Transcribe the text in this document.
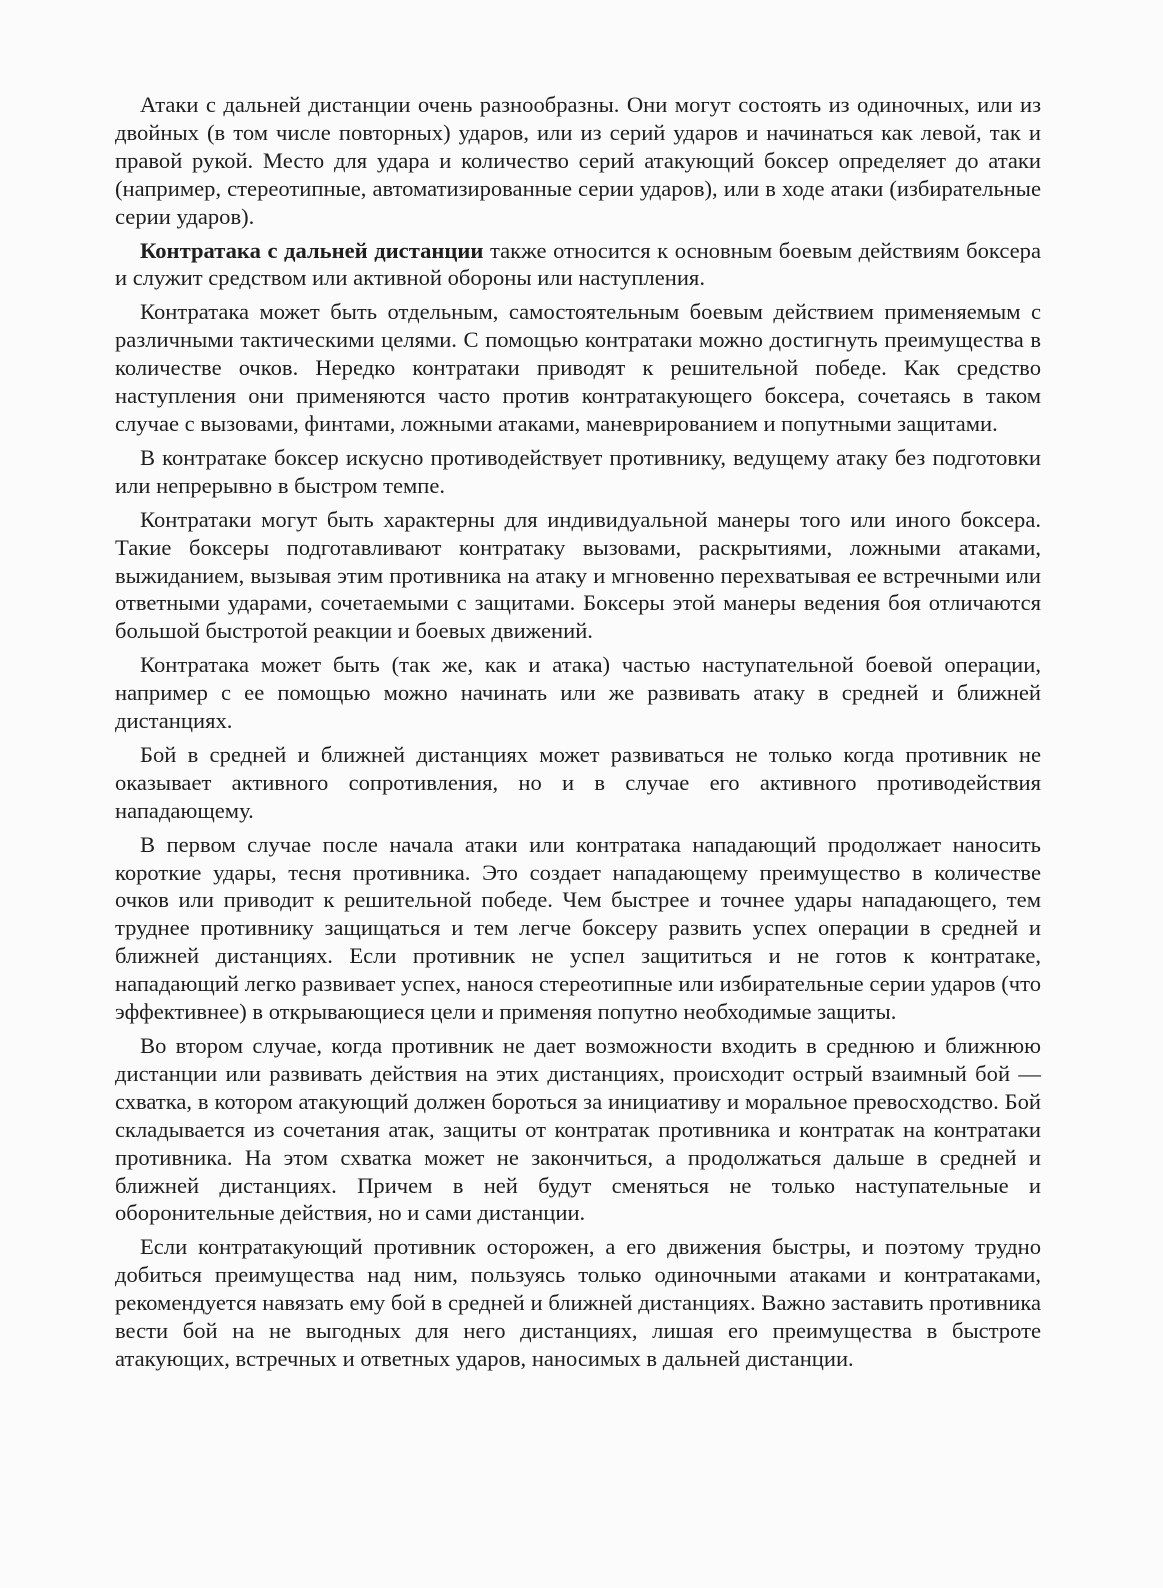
Атаки с дальней дистанции очень разнообразны. Они могут состоять из одиночных, или из двойных (в том числе повторных) ударов, или из серий ударов и начинаться как левой, так и правой рукой. Место для удара и количество серий атакующий боксер определяет до атаки (например, стереотипные, автоматизированные серии ударов), или в ходе атаки (избирательные серии ударов).

Контратака с дальней дистанции также относится к основным боевым действиям боксера и служит средством или активной обороны или наступления.

Контратака может быть отдельным, самостоятельным боевым действием применяемым с различными тактическими целями. С помощью контратаки можно достигнуть преимущества в количестве очков. Нередко контратаки приводят к решительной победе. Как средство наступления они применяются часто против контратакующего боксера, сочетаясь в таком случае с вызовами, финтами, ложными атаками, маневрированием и попутными защитами.

В контратаке боксер искусно противодействует противнику, ведущему атаку без подготовки или непрерывно в быстром темпе.

Контратаки могут быть характерны для индивидуальной манеры того или иного боксера. Такие боксеры подготавливают контратаку вызовами, раскрытиями, ложными атаками, выжиданием, вызывая этим противника на атаку и мгновенно перехватывая ее встречными или ответными ударами, сочетаемыми с защитами. Боксеры этой манеры ведения боя отличаются большой быстротой реакции и боевых движений.

Контратака может быть (так же, как и атака) частью наступательной боевой операции, например с ее помощью можно начинать или же развивать атаку в средней и ближней дистанциях.

Бой в средней и ближней дистанциях может развиваться не только когда противник не оказывает активного сопротивления, но и в случае его активного противодействия нападающему.

В первом случае после начала атаки или контратака нападающий продолжает наносить короткие удары, тесня противника. Это создает нападающему преимущество в количестве очков или приводит к решительной победе. Чем быстрее и точнее удары нападающего, тем труднее противнику защищаться и тем легче боксеру развить успех операции в средней и ближней дистанциях. Если противник не успел защититься и не готов к контратаке, нападающий легко развивает успех, нанося стереотипные или избирательные серии ударов (что эффективнее) в открывающиеся цели и применяя попутно необходимые защиты.

Во втором случае, когда противник не дает возможности входить в среднюю и ближнюю дистанции или развивать действия на этих дистанциях, происходит острый взаимный бой — схватка, в котором атакующий должен бороться за инициативу и моральное превосходство. Бой складывается из сочетания атак, защиты от контратак противника и контратак на контратаки противника. На этом схватка может не закончиться, а продолжаться дальше в средней и ближней дистанциях. Причем в ней будут сменяться не только наступательные и оборонительные действия, но и сами дистанции.

Если контратакующий противник осторожен, а его движения быстры, и поэтому трудно добиться преимущества над ним, пользуясь только одиночными атаками и контратаками, рекомендуется навязать ему бой в средней и ближней дистанциях. Важно заставить противника вести бой на не выгодных для него дистанциях, лишая его преимущества в быстроте атакующих, встречных и ответных ударов, наносимых в дальней дистанции.
